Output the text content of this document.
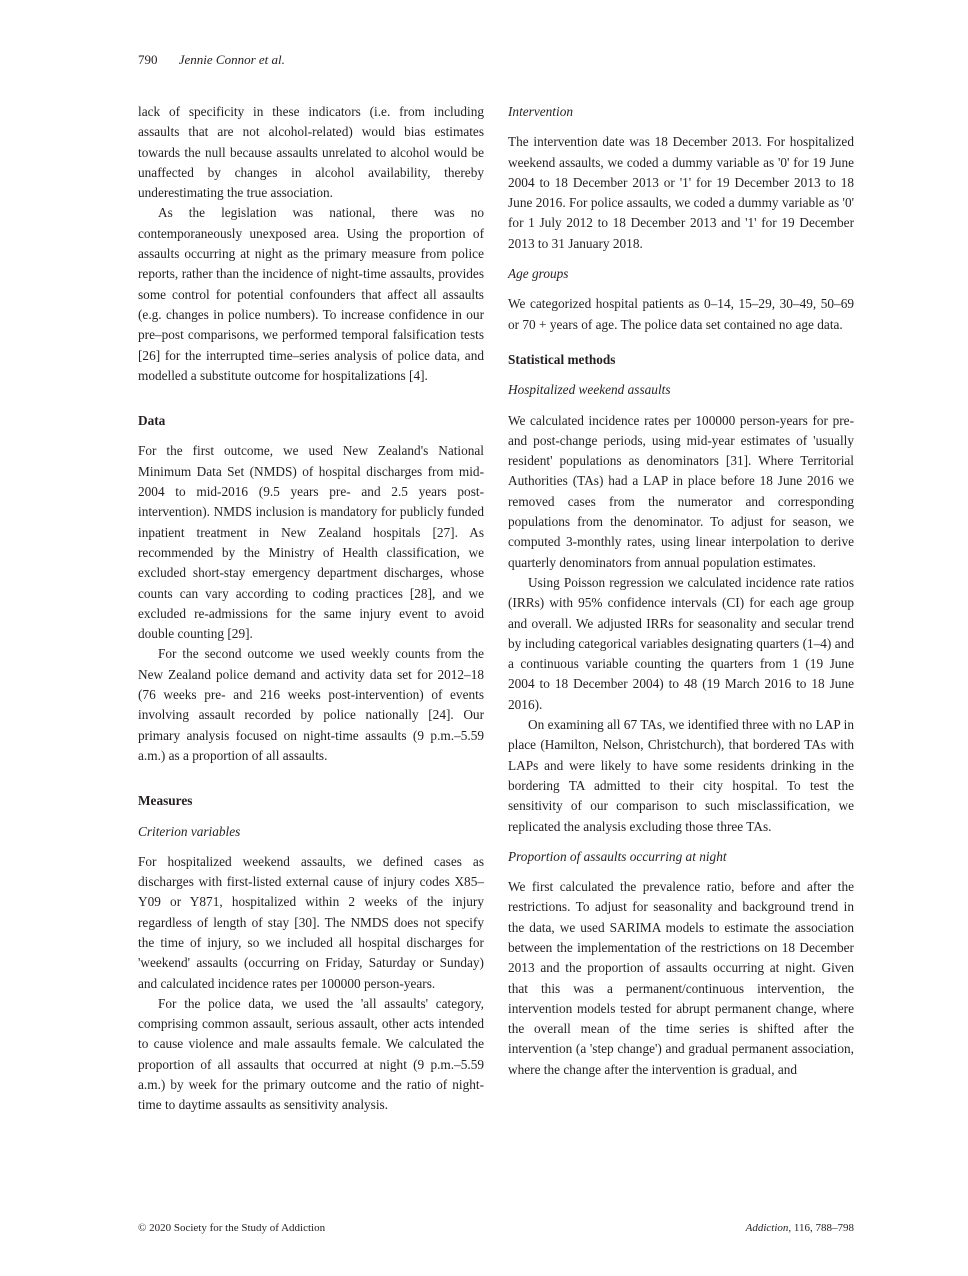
790 Jennie Connor et al.

lack of specificity in these indicators (i.e. from including assaults that are not alcohol-related) would bias estimates towards the null because assaults unrelated to alcohol would be unaffected by changes in alcohol availability, thereby underestimating the true association.

As the legislation was national, there was no contemporaneously unexposed area. Using the proportion of assaults occurring at night as the primary measure from police reports, rather than the incidence of night-time assaults, provides some control for potential confounders that affect all assaults (e.g. changes in police numbers). To increase confidence in our pre–post comparisons, we performed temporal falsification tests [26] for the interrupted time–series analysis of police data, and modelled a substitute outcome for hospitalizations [4].

Data

For the first outcome, we used New Zealand's National Minimum Data Set (NMDS) of hospital discharges from mid-2004 to mid-2016 (9.5 years pre- and 2.5 years post-intervention). NMDS inclusion is mandatory for publicly funded inpatient treatment in New Zealand hospitals [27]. As recommended by the Ministry of Health classification, we excluded short-stay emergency department discharges, whose counts can vary according to coding practices [28], and we excluded re-admissions for the same injury event to avoid double counting [29].

For the second outcome we used weekly counts from the New Zealand police demand and activity data set for 2012–18 (76 weeks pre- and 216 weeks post-intervention) of events involving assault recorded by police nationally [24]. Our primary analysis focused on night-time assaults (9 p.m.–5.59 a.m.) as a proportion of all assaults.

Measures
Criterion variables

For hospitalized weekend assaults, we defined cases as discharges with first-listed external cause of injury codes X85–Y09 or Y871, hospitalized within 2 weeks of the injury regardless of length of stay [30]. The NMDS does not specify the time of injury, so we included all hospital discharges for 'weekend' assaults (occurring on Friday, Saturday or Sunday) and calculated incidence rates per 100000 person-years.

For the police data, we used the 'all assaults' category, comprising common assault, serious assault, other acts intended to cause violence and male assaults female. We calculated the proportion of all assaults that occurred at night (9 p.m.–5.59 a.m.) by week for the primary outcome and the ratio of night-time to daytime assaults as sensitivity analysis.

Intervention

The intervention date was 18 December 2013. For hospitalized weekend assaults, we coded a dummy variable as '0' for 19 June 2004 to 18 December 2013 or '1' for 19 December 2013 to 18 June 2016. For police assaults, we coded a dummy variable as '0' for 1 July 2012 to 18 December 2013 and '1' for 19 December 2013 to 31 January 2018.

Age groups

We categorized hospital patients as 0–14, 15–29, 30–49, 50–69 or 70 + years of age. The police data set contained no age data.

Statistical methods
Hospitalized weekend assaults

We calculated incidence rates per 100000 person-years for pre- and post-change periods, using mid-year estimates of 'usually resident' populations as denominators [31]. Where Territorial Authorities (TAs) had a LAP in place before 18 June 2016 we removed cases from the numerator and corresponding populations from the denominator. To adjust for season, we computed 3-monthly rates, using linear interpolation to derive quarterly denominators from annual population estimates.

Using Poisson regression we calculated incidence rate ratios (IRRs) with 95% confidence intervals (CI) for each age group and overall. We adjusted IRRs for seasonality and secular trend by including categorical variables designating quarters (1–4) and a continuous variable counting the quarters from 1 (19 June 2004 to 18 December 2004) to 48 (19 March 2016 to 18 June 2016).

On examining all 67 TAs, we identified three with no LAP in place (Hamilton, Nelson, Christchurch), that bordered TAs with LAPs and were likely to have some residents drinking in the bordering TA admitted to their city hospital. To test the sensitivity of our comparison to such misclassification, we replicated the analysis excluding those three TAs.

Proportion of assaults occurring at night

We first calculated the prevalence ratio, before and after the restrictions. To adjust for seasonality and background trend in the data, we used SARIMA models to estimate the association between the implementation of the restrictions on 18 December 2013 and the proportion of assaults occurring at night. Given that this was a permanent/continuous intervention, the intervention models tested for abrupt permanent change, where the overall mean of the time series is shifted after the intervention (a 'step change') and gradual permanent association, where the change after the intervention is gradual, and

© 2020 Society for the Study of Addiction	Addiction, 116, 788–798
